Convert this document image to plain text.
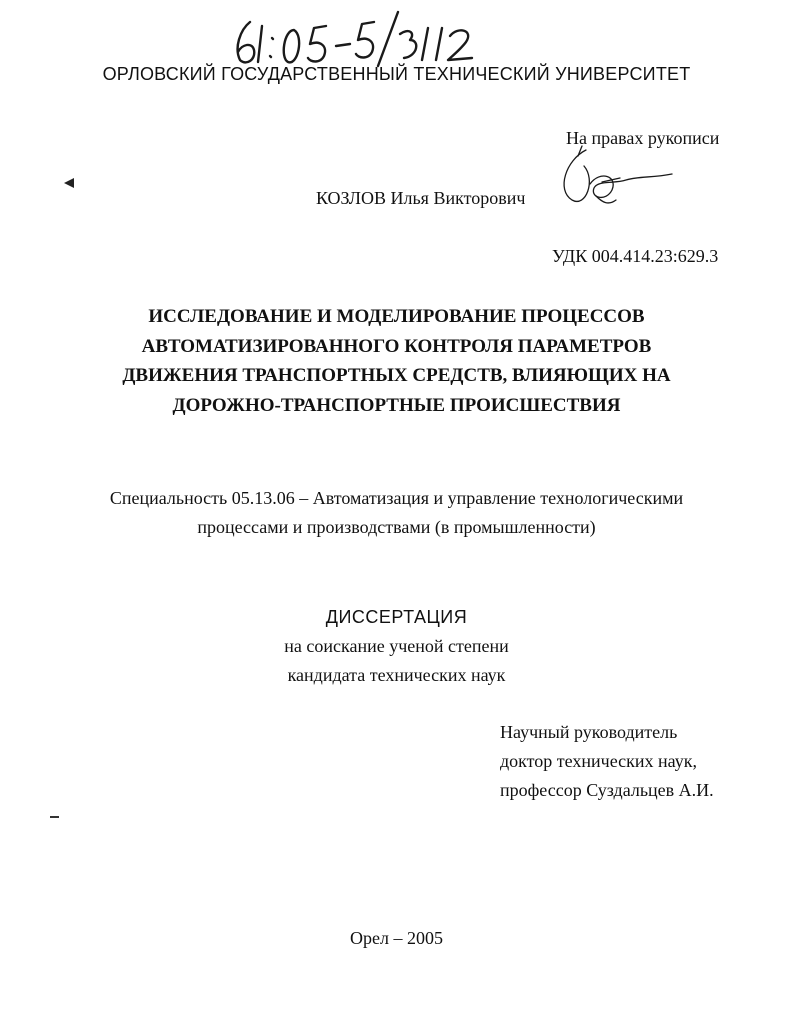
ОРЛОВСКИЙ ГОСУДАРСТВЕННЫЙ ТЕХНИЧЕСКИЙ УНИВЕРСИТЕТ
На правах рукописи
КОЗЛОВ Илья Викторович
УДК 004.414.23:629.3
ИССЛЕДОВАНИЕ И МОДЕЛИРОВАНИЕ ПРОЦЕССОВ
АВТОМАТИЗИРОВАННОГО КОНТРОЛЯ ПАРАМЕТРОВ
ДВИЖЕНИЯ ТРАНСПОРТНЫХ СРЕДСТВ, ВЛИЯЮЩИХ НА
ДОРОЖНО-ТРАНСПОРТНЫЕ ПРОИСШЕСТВИЯ
Специальность 05.13.06 – Автоматизация и управление технологическими
процессами и производствами (в промышленности)
ДИССЕРТАЦИЯ
на соискание ученой степени
кандидата технических наук
Научный руководитель
доктор технических наук,
профессор Суздальцев А.И.
Орел – 2005
